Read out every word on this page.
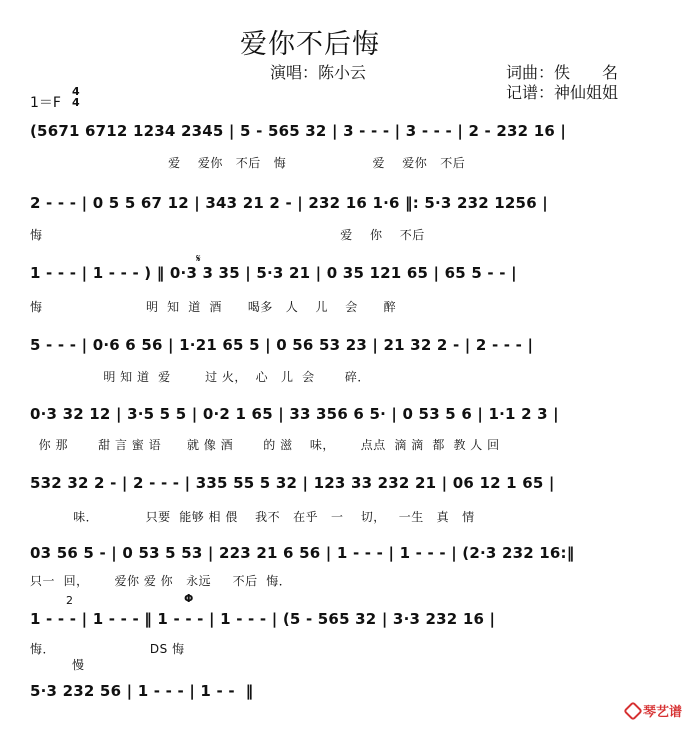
爱你不后悔
演唱：陈小云	词曲：佚　　名
记谱：神仙姐姐
1＝F
4
4
(5671 6712 1234 2345 | 5 - 565 32 | 3 - - - | 3 - - - | 2 - 232 16 |
爱    爱你   不后   悔                    爱    爱你   不后
2 - - - | 0 5 5 67 12 | 343 21 2 - | 232 16 1·6 ‖: 5·3 232 1256 |
悔                                                                     爱    你    不后
1 - - - | 1 - - - ) ‖ 0·3 3 35 | 5·3 21 | 0 35 121 65 | 65 5 - - |
悔                        明  知  道  酒      喝多   人    儿    会      醉
5 - - - | 0·6 6 56 | 1·21 65 5 | 0 56 53 23 | 21 32 2 - | 2 - - - |
明 知 道  爱        过 火，  心   儿  会       碎．
0·3 32 12 | 3·5 5 5 | 0·2 1 65 | 33 356 6 5· | 0 53 5 6 | 1·1 2 3 |
你 那       甜 言 蜜 语      就 像 酒       的 滋    味，      点点  滴 滴  都  教 人 回
532 32 2 - | 2 - - - | 335 55 5 32 | 123 33 232 21 | 06 12 1 65 |
味．           只要  能够 相 偎    我不   在乎   一    切，   一生   真   情
03 56 5 - | 0 53 5 53 | 223 21 6 56 | 1 - - - | 1 - - - | (2·3 232 16:‖
只一  回，      爱你 爱 你   永远     不后  悔．
1 - - - | 1 - - - ‖ 1 - - - | 1 - - - | (5 - 565 32 | 3·3 232 16 |
悔．                      DS 悔
5·3 232 56 | 1 - - - | 1 - -  ‖
𝄋
Φ
2
慢
琴艺谱
